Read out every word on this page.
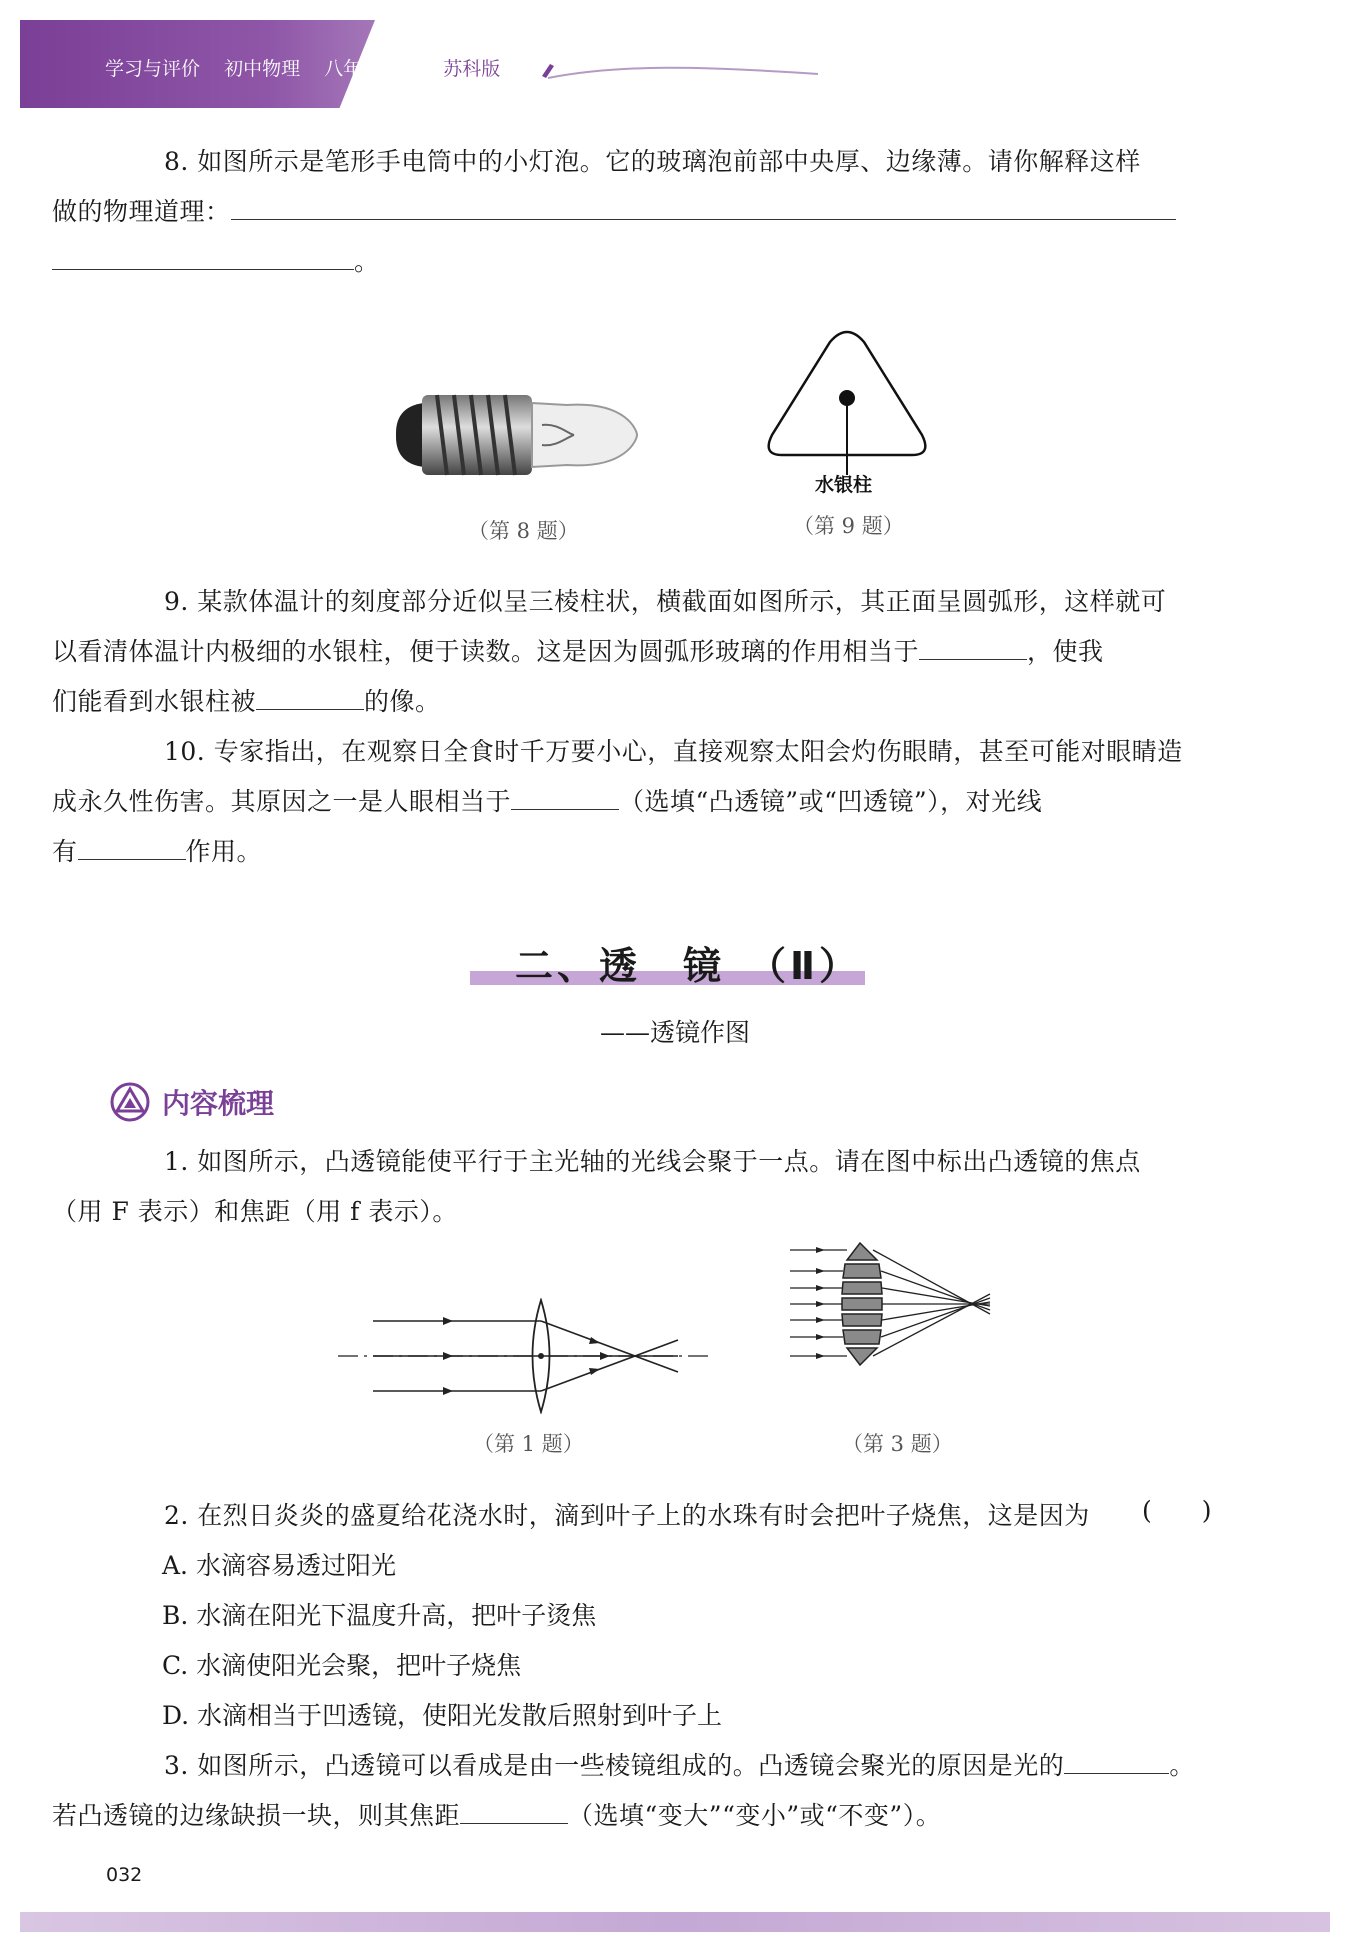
学习与评价 初中物理 八年级上册 苏科版
8. 如图所示是笔形手电筒中的小灯泡。它的玻璃泡前部中央厚、边缘薄。请你解释这样
做的物理道理：
。
（第 8 题）
水银柱
（第 9 题）
9. 某款体温计的刻度部分近似呈三棱柱状，横截面如图所示，其正面呈圆弧形，这样就可
以看清体温计内极细的水银柱，便于读数。这是因为圆弧形玻璃的作用相当于	，使我
们能看到水银柱被	的像。
10. 专家指出，在观察日全食时千万要小心，直接观察太阳会灼伤眼睛，甚至可能对眼睛造
成永久性伤害。其原因之一是人眼相当于	（选填“凸透镜”或“凹透镜”），对光线
有	作用。
二、透　镜　（Ⅱ）
——透镜作图
内容梳理
1. 如图所示，凸透镜能使平行于主光轴的光线会聚于一点。请在图中标出凸透镜的焦点
（用 F 表示）和焦距（用 f 表示）。
（第 1 题）	（第 3 题）
2. 在烈日炎炎的盛夏给花浇水时，滴到叶子上的水珠有时会把叶子烧焦，这是因为	(　　)
A. 水滴容易透过阳光
B. 水滴在阳光下温度升高，把叶子烫焦
C. 水滴使阳光会聚，把叶子烧焦
D. 水滴相当于凹透镜，使阳光发散后照射到叶子上
3. 如图所示，凸透镜可以看成是由一些棱镜组成的。凸透镜会聚光的原因是光的	。
若凸透镜的边缘缺损一块，则其焦距	（选填“变大”“变小”或“不变”）。
032
